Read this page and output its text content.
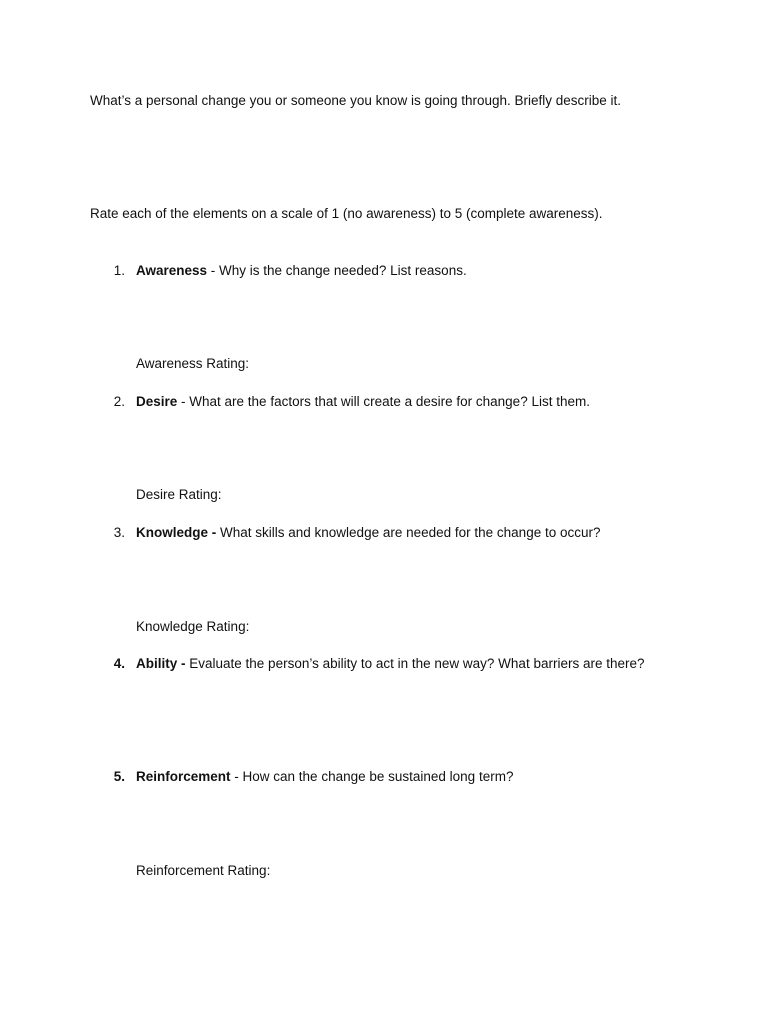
What’s a personal change you or someone you know is going through. Briefly describe it.
Rate each of the elements on a scale of 1 (no awareness) to 5 (complete awareness).
1. Awareness - Why is the change needed? List reasons.
Awareness Rating:
2. Desire - What are the factors that will create a desire for change? List them.
Desire Rating:
3. Knowledge - What skills and knowledge are needed for the change to occur?
Knowledge Rating:
4. Ability - Evaluate the person’s ability to act in the new way? What barriers are there?
5. Reinforcement - How can the change be sustained long term?
Reinforcement Rating:
